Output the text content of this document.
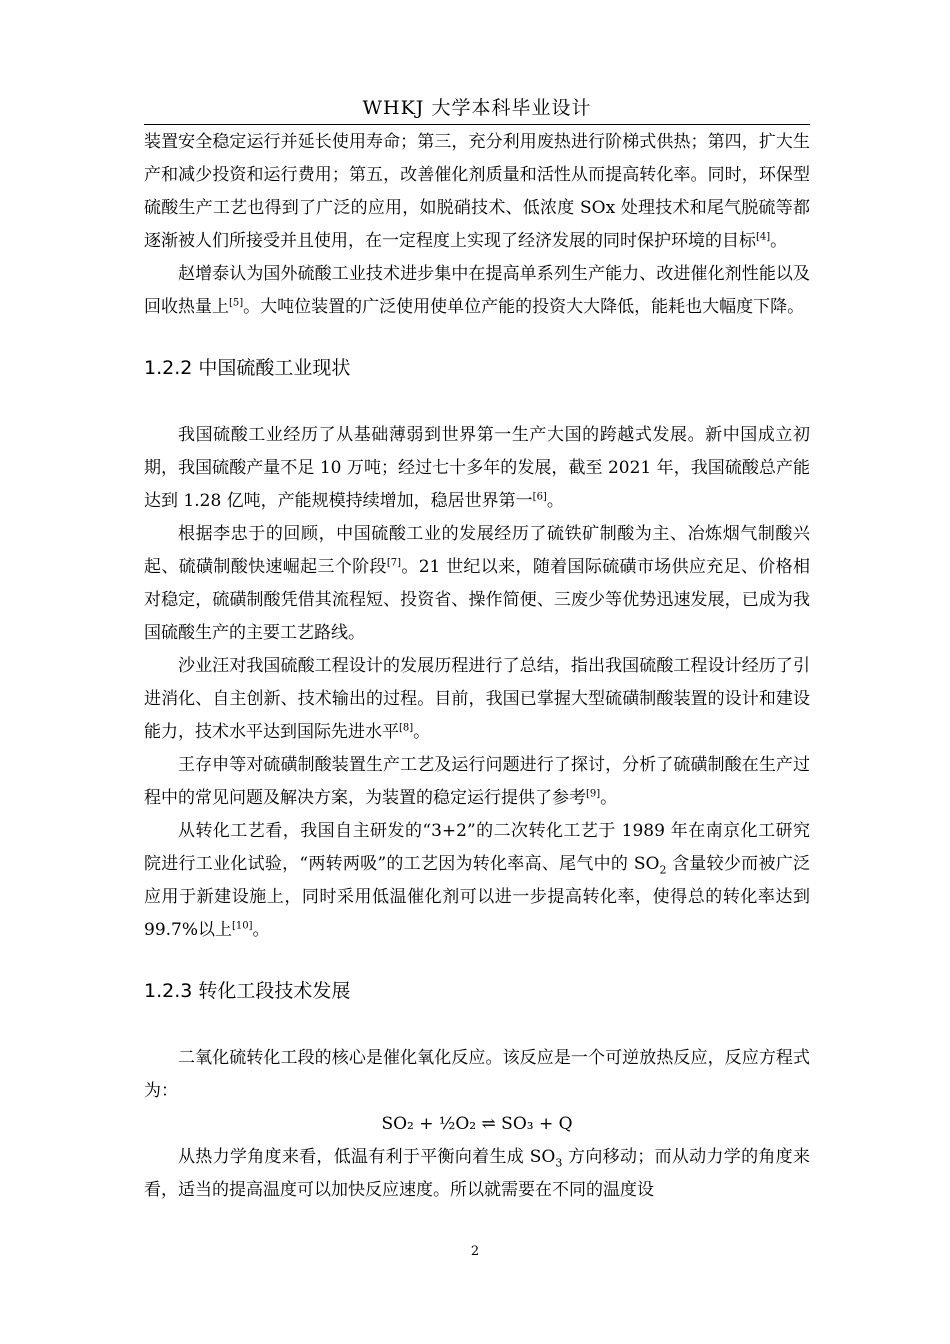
WHKJ 大学本科毕业设计

装置安全稳定运行并延长使用寿命；第三，充分利用废热进行阶梯式供热；第四，扩大生产和减少投资和运行费用；第五，改善催化剂质量和活性从而提高转化率。同时，环保型硫酸生产工艺也得到了广泛的应用，如脱硝技术、低浓度 SOx 处理技术和尾气脱硫等都逐渐被人们所接受并且使用，在一定程度上实现了经济发展的同时保护环境的目标[4]。

赵增泰认为国外硫酸工业技术进步集中在提高单系列生产能力、改进催化剂性能以及回收热量上[5]。大吨位装置的广泛使用使单位产能的投资大大降低，能耗也大幅度下降。

1.2.2 中国硫酸工业现状

我国硫酸工业经历了从基础薄弱到世界第一生产大国的跨越式发展。新中国成立初期，我国硫酸产量不足 10 万吨；经过七十多年的发展，截至 2021 年，我国硫酸总产能达到 1.28 亿吨，产能规模持续增加，稳居世界第一[6]。

根据李忠于的回顾，中国硫酸工业的发展经历了硫铁矿制酸为主、冶炼烟气制酸兴起、硫磺制酸快速崛起三个阶段[7]。21 世纪以来，随着国际硫磺市场供应充足、价格相对稳定，硫磺制酸凭借其流程短、投资省、操作简便、三废少等优势迅速发展，已成为我国硫酸生产的主要工艺路线。

沙业汪对我国硫酸工程设计的发展历程进行了总结，指出我国硫酸工程设计经历了引进消化、自主创新、技术输出的过程。目前，我国已掌握大型硫磺制酸装置的设计和建设能力，技术水平达到国际先进水平[8]。

王存申等对硫磺制酸装置生产工艺及运行问题进行了探讨，分析了硫磺制酸在生产过程中的常见问题及解决方案，为装置的稳定运行提供了参考[9]。

从转化工艺看，我国自主研发的“3+2”的二次转化工艺于 1989 年在南京化工研究院进行工业化试验，“两转两吸”的工艺因为转化率高、尾气中的 $SO_2$ 含量较少而被广泛应用于新建设施上，同时采用低温催化剂可以进一步提高转化率，使得总的转化率达到 99.7%以上[10]。

1.2.3 转化工段技术发展

二氧化硫转化工段的核心是催化氧化反应。该反应是一个可逆放热反应，反应方程式为：

SO₂ + ½O₂ ⇌ SO₃ + Q

从热力学角度来看，低温有利于平衡向着生成 $SO_3$ 方向移动；而从动力学的角度来看，适当的提高温度可以加快反应速度。所以就需要在不同的温度设

2
